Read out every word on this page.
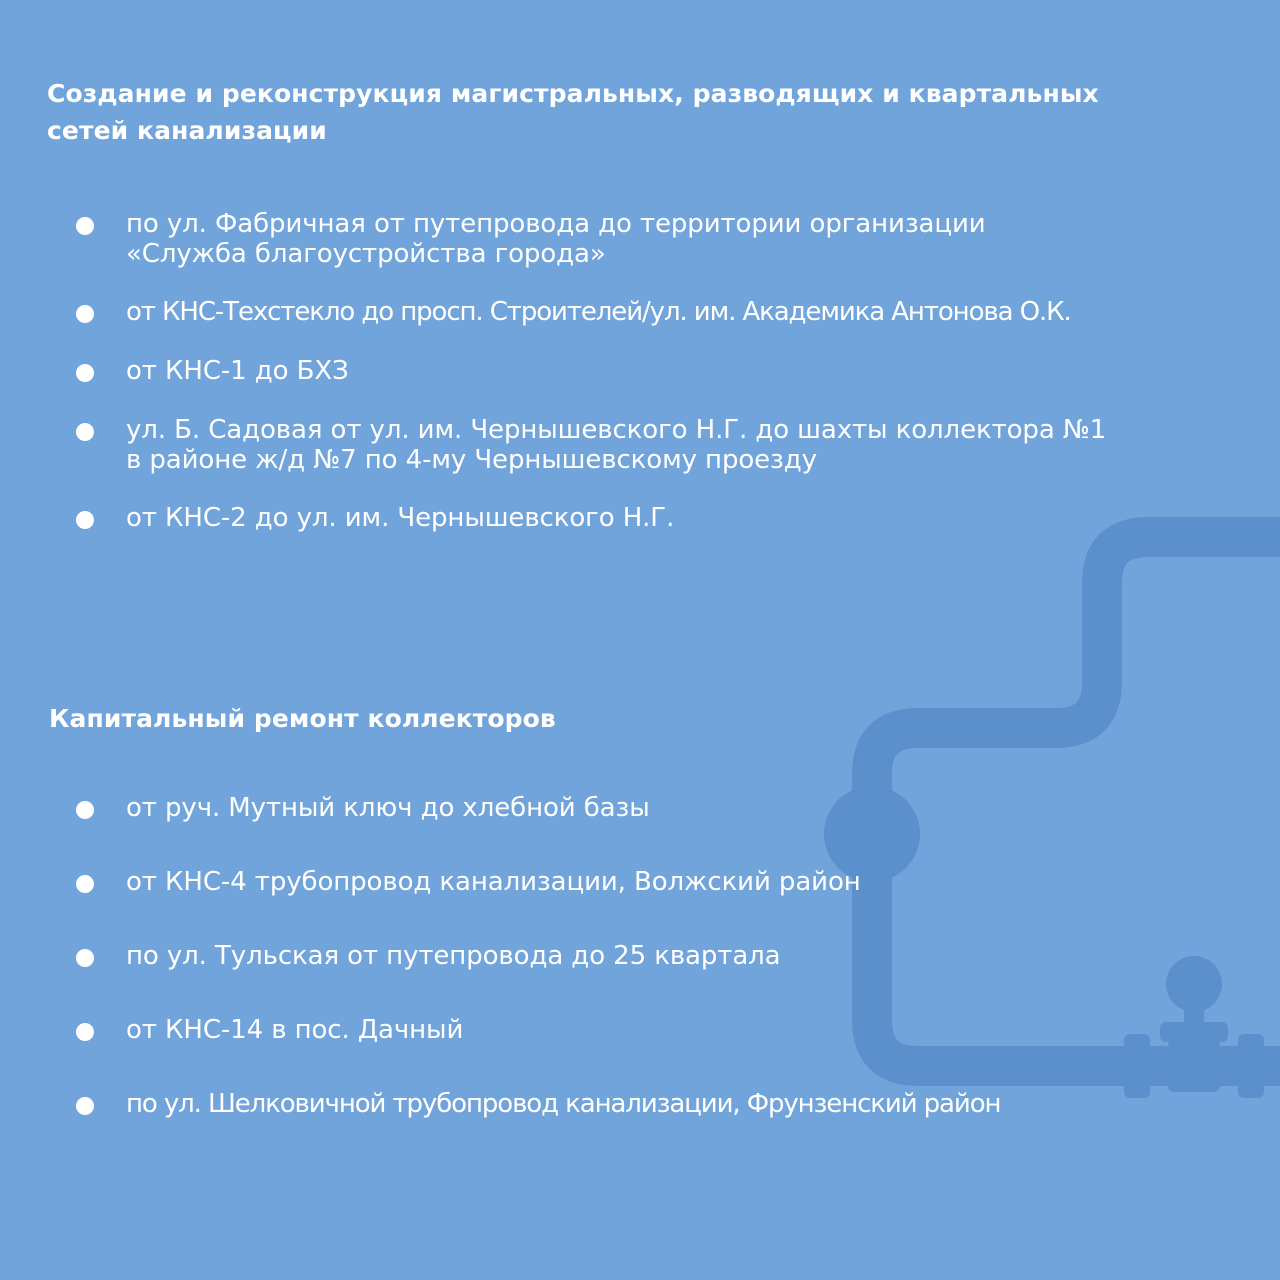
Создание и реконструкция магистральных, разводящих и квартальных
сетей канализации
по ул. Фабричная от путепровода до территории организации
«Служба благоустройства города»
от КНС-Техстекло до просп. Строителей/ул. им. Академика Антонова О.К.
от КНС-1 до БХЗ
ул. Б. Садовая от ул. им. Чернышевского Н.Г. до шахты коллектора №1
в районе ж/д №7 по 4-му Чернышевскому проезду
от КНС-2 до ул. им. Чернышевского Н.Г.
Капитальный ремонт коллекторов
от руч. Мутный ключ до хлебной базы
от КНС-4 трубопровод канализации, Волжский район
по ул. Тульская от путепровода до 25 квартала
от КНС-14 в пос. Дачный
по ул. Шелковичной трубопровод канализации, Фрунзенский район
